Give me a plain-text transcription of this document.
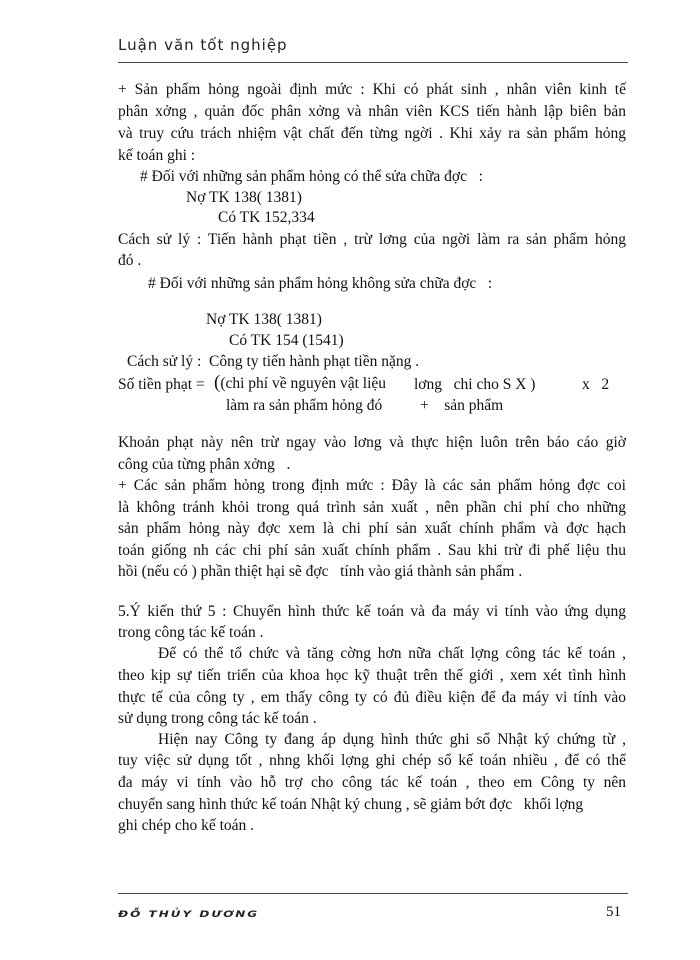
Luận văn tốt nghiệp
+ Sản phẩm hỏng ngoài định mức : Khi có phát sinh , nhân viên kinh tế
phân xởng , quản đốc phân xởng và nhân viên KCS tiến hành lập biên bản
và truy cứu trách nhiệm vật chất đến từng ngời . Khi xảy ra sản phẩm hỏng
kế toán ghi :
# Đối với những sản phẩm hỏng có thể sửa chữa đợc   :
Nợ TK 138( 1381)
Có TK 152,334
Cách sử lý : Tiến hành phạt tiền , trừ lơng của ngời làm ra sản phẩm hỏng
đó .
# Đối với những sản phẩm hỏng không sửa chữa đợc   :
Nợ TK 138( 1381)
Có TK 154 (1541)
Cách sử lý :  Công ty tiến hành phạt tiền nặng .
Số tiền phạt = ((chi phí về nguyên vật liệu lơng   chi cho S X )	x   2
làm ra sản phẩm hỏng đó +    sản phẩm
Khoản phạt này nên trừ ngay vào lơng và thực hiện luôn trên báo cáo giờ
công của từng phân xởng   .
+ Các sản phẩm hỏng trong định mức : Đây là các sản phẩm hỏng đợc coi
là không tránh khỏi trong quá trình sản xuất , nên phần chi phí cho những
sản phẩm hỏng này đợc xem là chi phí sản xuất chính phẩm và đợc hạch
toán giống nh các chi phí sản xuất chính phẩm . Sau khi trừ đi phế liệu thu
hồi (nếu có ) phần thiệt hại sẽ đợc   tính vào giá thành sản phẩm .
5.Ý kiến thứ 5 : Chuyển hình thức kế toán và đa máy vi tính vào ứng dụng
trong công tác kế toán .
Để có thể tổ chức và tăng cờng hơn nữa chất lợng công tác kế toán ,
theo kịp sự tiến triển của khoa học kỹ thuật trên thế giới , xem xét tình hình
thực tế của công ty , em thấy công ty có đủ điều kiện để đa máy vi tính vào
sử dụng trong công tác kế toán .
Hiện nay Công ty đang áp dụng hình thức ghi sổ Nhật ký chứng từ ,
tuy việc sử dụng tốt , nhng khối lợng ghi chép sổ kế toán nhiều , để có thể
đa máy vi tính vào hỗ trợ cho công tác kế toán , theo em Công ty nên
chuyển sang hình thức kế toán Nhật ký chung , sẽ giảm bớt đợc   khối lợng
ghi chép cho kế toán .
ĐỖ THỦY DƯƠNG	51
